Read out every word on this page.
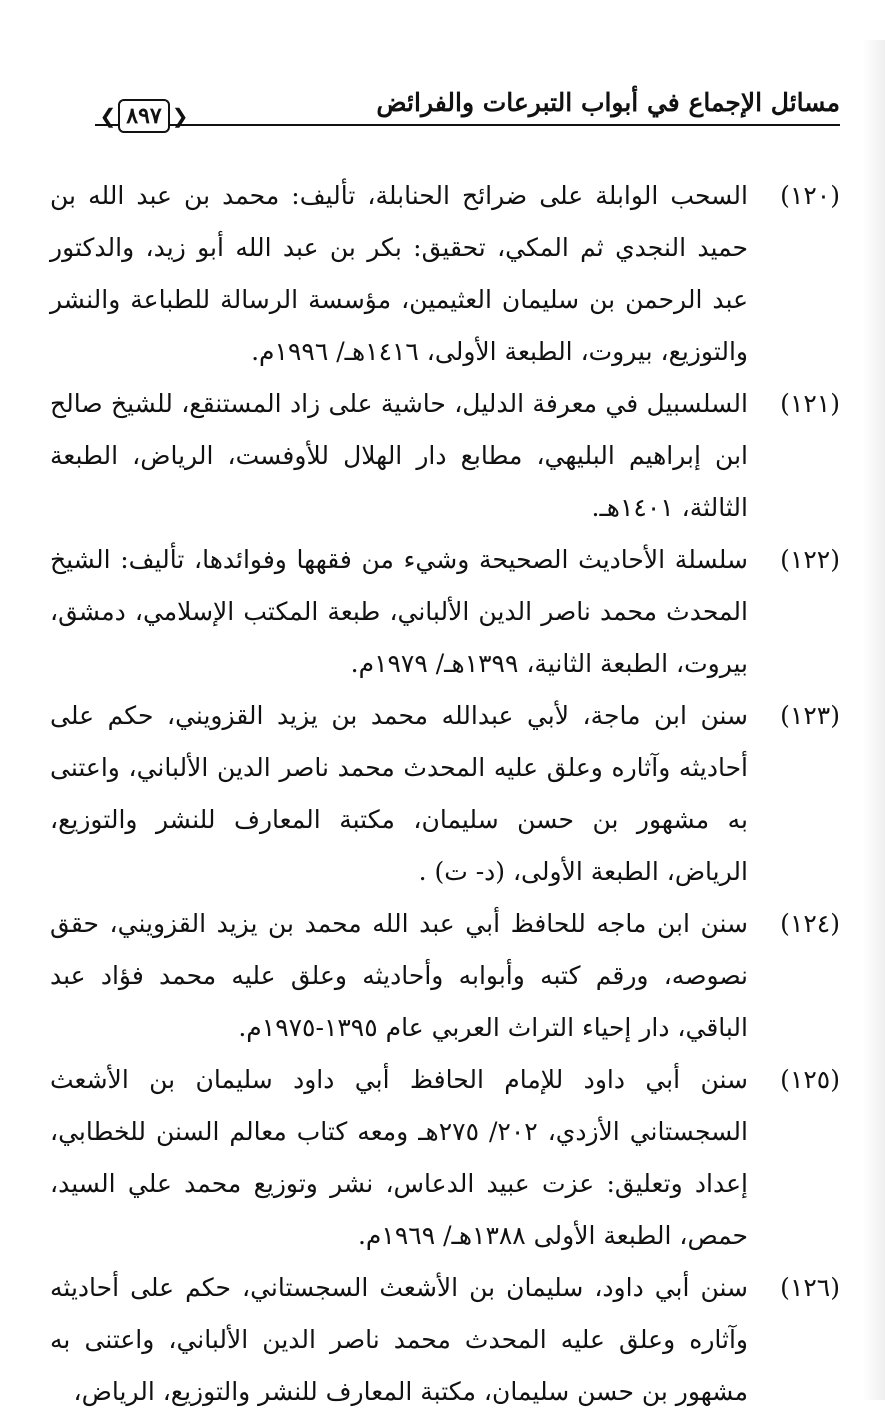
مسائل الإجماع في أبواب التبرعات والفرائض
❮ ٨٩٧ ❯
(١٢٠)
السحب الوابلة على ضرائح الحنابلة، تأليف: محمد بن عبد الله بن حميد النجدي ثم المكي، تحقيق: بكر بن عبد الله أبو زيد، والدكتور عبد الرحمن بن سليمان العثيمين، مؤسسة الرسالة للطباعة والنشر والتوزيع، بيروت، الطبعة الأولى، ١٤١٦هـ/ ١٩٩٦م.
(١٢١)
السلسبيل في معرفة الدليل، حاشية على زاد المستنقع، للشيخ صالح ابن إبراهيم البليهي، مطابع دار الهلال للأوفست، الرياض، الطبعة الثالثة، ١٤٠١هـ.
(١٢٢)
سلسلة الأحاديث الصحيحة وشيء من فقهها وفوائدها، تأليف: الشيخ المحدث محمد ناصر الدين الألباني، طبعة المكتب الإسلامي، دمشق، بيروت، الطبعة الثانية، ١٣٩٩هـ/ ١٩٧٩م.
(١٢٣)
سنن ابن ماجة، لأبي عبدالله محمد بن يزيد القزويني، حكم على أحاديثه وآثاره وعلق عليه المحدث محمد ناصر الدين الألباني، واعتنى به مشهور بن حسن سليمان، مكتبة المعارف للنشر والتوزيع، الرياض، الطبعة الأولى، (د- ت) .
(١٢٤)
سنن ابن ماجه للحافظ أبي عبد الله محمد بن يزيد القزويني، حقق نصوصه، ورقم كتبه وأبوابه وأحاديثه وعلق عليه محمد فؤاد عبد الباقي، دار إحياء التراث العربي عام ١٣٩٥-١٩٧٥م.
(١٢٥)
سنن أبي داود للإمام الحافظ أبي داود سليمان بن الأشعث السجستاني الأزدي، ٢٠٢/ ٢٧٥هـ ومعه كتاب معالم السنن للخطابي، إعداد وتعليق: عزت عبيد الدعاس، نشر وتوزيع محمد علي السيد، حمص، الطبعة الأولى ١٣٨٨هـ/ ١٩٦٩م.
(١٢٦)
سنن أبي داود، سليمان بن الأشعث السجستاني، حكم على أحاديثه وآثاره وعلق عليه المحدث محمد ناصر الدين الألباني، واعتنى به مشهور بن حسن سليمان، مكتبة المعارف للنشر والتوزيع، الرياض،
